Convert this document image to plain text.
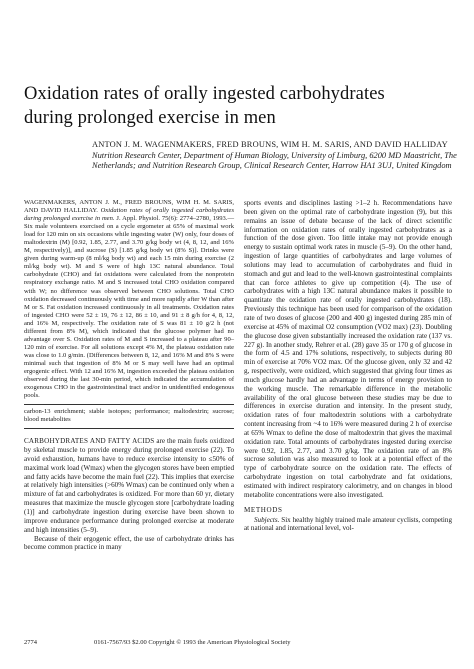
Oxidation rates of orally ingested carbohydrates
during prolonged exercise in men
ANTON J. M. WAGENMAKERS, FRED BROUNS, WIM H. M. SARIS, AND DAVID HALLIDAY
Nutrition Research Center, Department of Human Biology, University of Limburg, 6200 MD Maastricht, The Netherlands; and Nutrition Research Group, Clinical Research Center, Harrow HA1 3UJ, United Kingdom
WAGENMAKERS, ANTON J. M., FRED BROUNS, WIM H. M. SARIS, AND DAVID HALLIDAY. Oxidation rates of orally ingested carbohydrates during prolonged exercise in men. J. Appl. Physiol. 75(6): 2774–2780, 1993.—Six male volunteers exercised on a cycle ergometer at 65% of maximal work load for 120 min on six occasions while ingesting water (W) only, four doses of maltodextrin (M) [0.92, 1.85, 2.77, and 3.70 g/kg body wt (4, 8, 12, and 16% M, respectively)], and sucrose (S) [1.85 g/kg body wt (8% S)]. Drinks were given during warm-up (8 ml/kg body wt) and each 15 min during exercise (2 ml/kg body wt). M and S were of high 13C natural abundance. Total carbohydrate (CHO) and fat oxidations were calculated from the nonprotein respiratory exchange ratio. M and S increased total CHO oxidation compared with W; no difference was observed between CHO solutions. Total CHO oxidation decreased continuously with time and more rapidly after W than after M or S. Fat oxidation increased continuously in all treatments. Oxidation rates of ingested CHO were 52 ± 19, 76 ± 12, 86 ± 10, and 91 ± 8 g/h for 4, 8, 12, and 16% M, respectively. The oxidation rate of S was 81 ± 10 g/2 h (not different from 8% M), which indicated that the glucose polymer had no advantage over S. Oxidation rates of M and S increased to a plateau after 90–120 min of exercise. For all solutions except 4% M, the plateau oxidation rate was close to 1.0 g/min. (Differences between 8, 12, and 16% M and 8% S were minimal such that ingestion of 8% M or S may well have had an optimal ergogenic effect. With 12 and 16% M, ingestion exceeded the plateau oxidation observed during the last 30-min period, which indicated the accumulation of exogenous CHO in the gastrointestinal tract and/or in unidentified endogenous pools.
carbon-13 enrichment; stable isotopes; performance; maltodextrin; sucrose; blood metabolites

CARBOHYDRATES AND FATTY ACIDS are the main fuels oxidized by skeletal muscle to provide energy during prolonged exercise (22). To avoid exhaustion, humans have to reduce exercise intensity to ≤50% of maximal work load (Wmax) when the glycogen stores have been emptied and fatty acids have become the main fuel (22). This implies that exercise at relatively high intensities (>60% Wmax) can be continued only when a mixture of fat and carbohydrates is oxidized. For more than 60 yr, dietary measures that maximize the muscle glycogen store [carbohydrate loading (1)] and carbohydrate ingestion during exercise have been shown to improve endurance performance during prolonged exercise at moderate and high intensities (5–9).

Because of their ergogenic effect, the use of carbohydrate drinks has become common practice in many

sports events and disciplines lasting >1–2 h. Recommendations have been given on the optimal rate of carbohydrate ingestion (9), but this remains an issue of debate because of the lack of direct scientific information on oxidation rates of orally ingested carbohydrates as a function of the dose given. Too little intake may not provide enough energy to sustain optimal work rates in muscle (5–9). On the other hand, ingestion of large quantities of carbohydrates and large volumes of solutions may lead to accumulation of carbohydrates and fluid in stomach and gut and lead to the well-known gastrointestinal complaints that can force athletes to give up competition (4). The use of carbohydrates with a high 13C natural abundance makes it possible to quantitate the oxidation rate of orally ingested carbohydrates (18). Previously this technique has been used for comparison of the oxidation rate of two doses of glucose (200 and 400 g) ingested during 285 min of exercise at 45% of maximal O2 consumption (VO2 max) (23). Doubling the glucose dose given substantially increased the oxidation rate (137 vs. 227 g). In another study, Rehrer et al. (28) gave 35 or 170 g of glucose in the form of 4.5 and 17% solutions, respectively, to subjects during 80 min of exercise at 70% VO2 max. Of the glucose given, only 32 and 42 g, respectively, were oxidized, which suggested that giving four times as much glucose hardly had an advantage in terms of energy provision to the working muscle. The remarkable difference in the metabolic availability of the oral glucose between these studies may be due to differences in exercise duration and intensity. In the present study, oxidation rates of four maltodextrin solutions with a carbohydrate content increasing from ~4 to 16% were measured during 2 h of exercise at 65% Wmax to define the dose of maltodextrin that gives the maximal oxidation rate. Total amounts of carbohydrates ingested during exercise were 0.92, 1.85, 2.77, and 3.70 g/kg. The oxidation rate of an 8% sucrose solution was also measured to look at a potential effect of the type of carbohydrate source on the oxidation rate. The effects of carbohydrate ingestion on total carbohydrate and fat oxidations, estimated with indirect respiratory calorimetry, and on changes in blood metabolite concentrations were also investigated.

METHODS

Subjects. Six healthy highly trained male amateur cyclists, competing at national and international level, vol-

2774	0161-7567/93 $2.00 Copyright © 1993 the American Physiological Society
